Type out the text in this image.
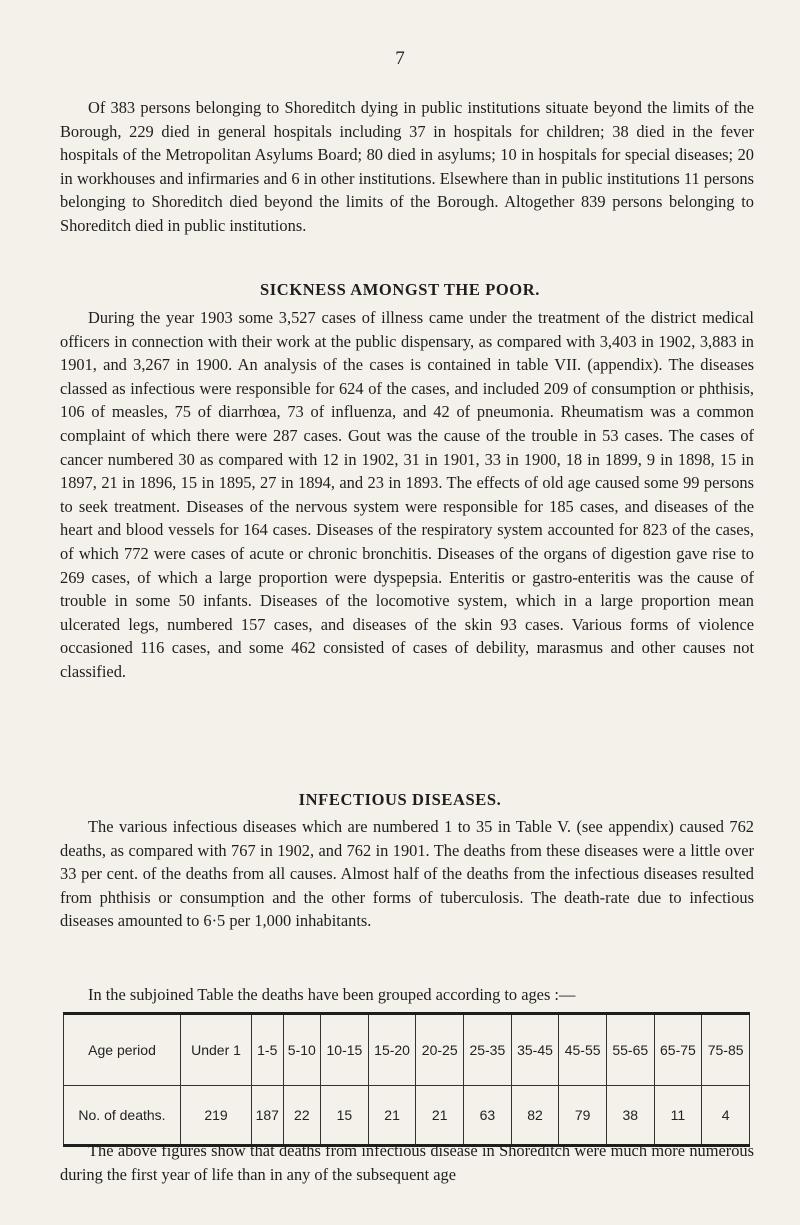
7

Of 383 persons belonging to Shoreditch dying in public institutions situate beyond the limits of the Borough, 229 died in general hospitals including 37 in hospitals for children; 38 died in the fever hospitals of the Metropolitan Asylums Board; 80 died in asylums; 10 in hospitals for special diseases; 20 in workhouses and infirmaries and 6 in other institutions. Elsewhere than in public institutions 11 persons belonging to Shoreditch died beyond the limits of the Borough. Altogether 839 persons belonging to Shoreditch died in public institutions.

SICKNESS AMONGST THE POOR.

During the year 1903 some 3,527 cases of illness came under the treatment of the district medical officers in connection with their work at the public dispensary, as compared with 3,403 in 1902, 3,883 in 1901, and 3,267 in 1900. An analysis of the cases is contained in table VII. (appendix). The diseases classed as infectious were responsible for 624 of the cases, and included 209 of consumption or phthisis, 106 of measles, 75 of diarrhœa, 73 of influenza, and 42 of pneumonia. Rheumatism was a common complaint of which there were 287 cases. Gout was the cause of the trouble in 53 cases. The cases of cancer numbered 30 as compared with 12 in 1902, 31 in 1901, 33 in 1900, 18 in 1899, 9 in 1898, 15 in 1897, 21 in 1896, 15 in 1895, 27 in 1894, and 23 in 1893. The effects of old age caused some 99 persons to seek treatment. Diseases of the nervous system were responsible for 185 cases, and diseases of the heart and blood vessels for 164 cases. Diseases of the respiratory system accounted for 823 of the cases, of which 772 were cases of acute or chronic bronchitis. Diseases of the organs of digestion gave rise to 269 cases, of which a large proportion were dyspepsia. Enteritis or gastro-enteritis was the cause of trouble in some 50 infants. Diseases of the locomotive system, which in a large proportion mean ulcerated legs, numbered 157 cases, and diseases of the skin 93 cases. Various forms of violence occasioned 116 cases, and some 462 consisted of cases of debility, marasmus and other causes not classified.

INFECTIOUS DISEASES.

The various infectious diseases which are numbered 1 to 35 in Table V. (see appendix) caused 762 deaths, as compared with 767 in 1902, and 762 in 1901. The deaths from these diseases were a little over 33 per cent. of the deaths from all causes. Almost half of the deaths from the infectious diseases resulted from phthisis or consumption and the other forms of tuberculosis. The death-rate due to infectious diseases amounted to 6·5 per 1,000 inhabitants.

In the subjoined Table the deaths have been grouped according to ages :—

Age period	Under 1	1-5	5-10	10-15	15-20	20-25	25-35	35-45	45-55	55-65	65-75	75-85
No. of deaths.	219	187	22	15	21	21	63	82	79	38	11	4

The above figures show that deaths from infectious disease in Shoreditch were much more numerous during the first year of life than in any of the subsequent age
